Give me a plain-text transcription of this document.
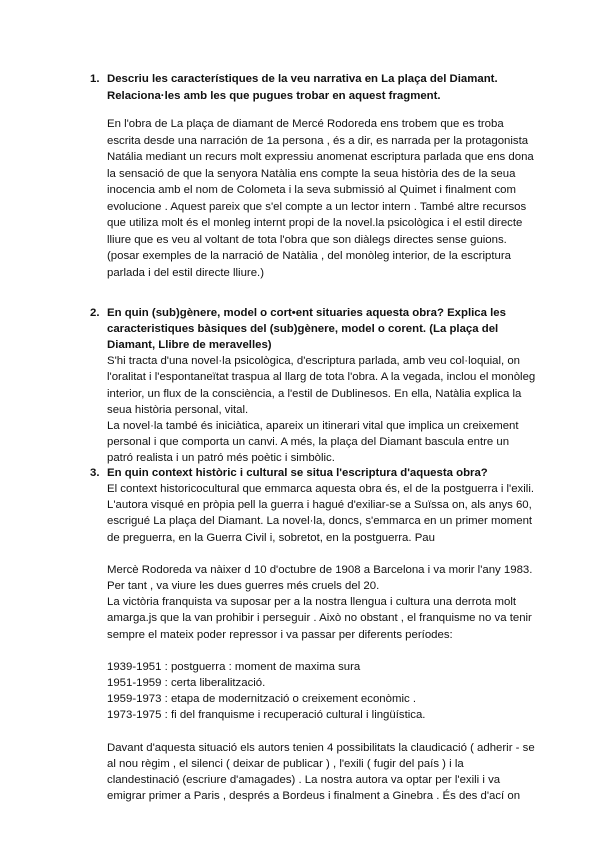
1. Descriu les característiques de la veu narrativa en La plaça del Diamant.
Relaciona·les amb les que pugues trobar en aquest fragment.
En l'obra de La plaça de diamant de Mercé Rodoreda ens trobem que es troba
escrita desde una narración de 1a persona , és a dir, es narrada per la protagonista
Natália mediant un recurs molt expressiu anomenat escriptura parlada que ens dona
la sensació de que la senyora Natàlia ens compte la seua història des de la seua
inocencia amb el nom de Colometa i la seva submissió al Quimet i finalment com
evolucione . Aquest pareix que s'el compte a un lector intern . També altre recursos
que utiliza molt és el monleg internt propi de la novel.la psicològica i el estil directe
lliure que es veu al voltant de tota l'obra que son diàlegs directes sense guions.
(posar exemples de la narració de Natàlia , del monòleg interior, de la escriptura
parlada i del estil directe lliure.)
2. En quin (sub)gènere, model o cort•ent situaries aquesta obra? Explica les
caracteristiques bàsiques del (sub)gènere, model o corent. (La plaça del
Diamant, Llibre de meravelles)
S'hi tracta d'una novel·la psicològica, d'escriptura parlada, amb veu col·loquial, on
l'oralitat i l'espontaneïtat traspua al llarg de tota l'obra. A la vegada, inclou el monòleg
interior, un flux de la consciència, a l'estil de Dublinesos. En ella, Natàlia explica la
seua història personal, vital.
La novel·la també és iniciàtica, apareix un itinerari vital que implica un creixement
personal i que comporta un canvi. A més, la plaça del Diamant bascula entre un
patró realista i un patró més poètic i simbòlic.
3. En quin context històric i cultural se situa l'escriptura d'aquesta obra?
El context historicocultural que emmarca aquesta obra és, el de la postguerra i l'exili.
L'autora visqué en pròpia pell la guerra i hagué d'exiliar-se a Suïssa on, als anys 60,
escrigué La plaça del Diamant. La novel·la, doncs, s'emmarca en un primer moment
de preguerra, en la Guerra Civil i, sobretot, en la postguerra. Pau
Mercè Rodoreda va nàixer d 10 d'octubre de 1908 a Barcelona i va morir l'any 1983.
Per tant , va viure les dues guerres més cruels del 20.
La victòria franquista va suposar per a la nostra llengua i cultura una derrota molt
amarga.js que la van prohibir i perseguir . Això no obstant , el franquisme no va tenir
sempre el mateix poder repressor i va passar per diferents períodes:
1939-1951 : postguerra : moment de maxima sura
1951-1959 : certa liberalització.
1959-1973 : etapa de modernització o creixement econòmic .
1973-1975 : fi del franquisme i recuperació cultural i lingüística.
Davant d'aquesta situació els autors tenien 4 possibilitats la claudicació ( adherir - se
al nou règim , el silenci ( deixar de publicar ) , l'exili ( fugir del país ) i la
clandestinació (escriure d'amagades) . La nostra autora va optar per l'exili i va
emigrar primer a Paris , després a Bordeus i finalment a Ginebra . És des d'ací on
